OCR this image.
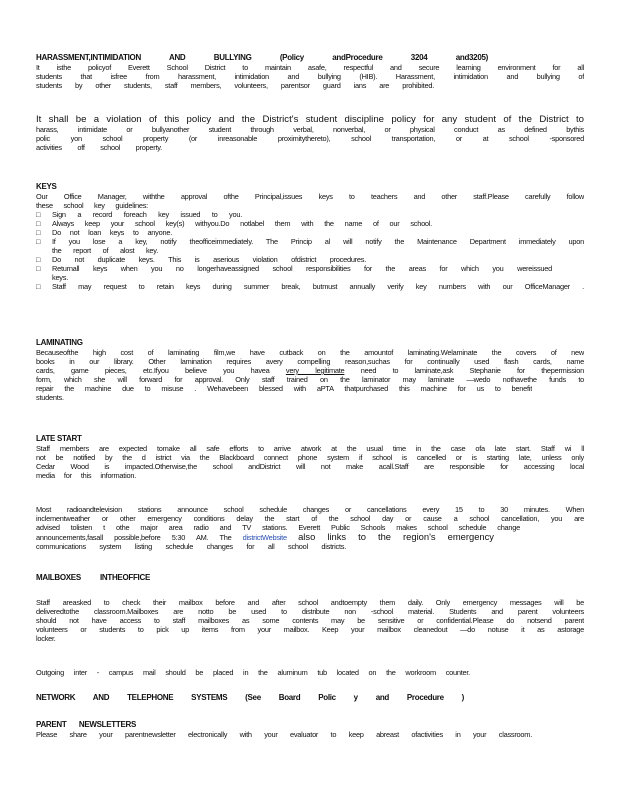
HARASSMENT,INTIMIDATION AND BULLYING (Policy andProcedure 3204 and3205)
It isthe policyof Everett School District to maintain asafe, respectful and secure learning environment for all
students that isfree from harassment, intimidation and bullying (HIB). Harassment, intimidation and bullying of
students by other students, staff members, volunteers, parentsor guard ians are prohibited.
It shall be a violation of this policy and the District's student discipline policy for any student of the District to
harass, intimidate or bullyanother student through verbal, nonverbal, or physical conduct as defined bythis
polic yon school property (or inreasonable proximitythereto), school transportation, or at school -sponsored
activities off school property.
KEYS
Our Office Manager, withthe approval ofthe Principal,issues keys to teachers and other staff.Please carefully follow
these school key guidelines:
□ Sign a record foreach key issued to you.
□ Always keep your school key(s) withyou.Do notlabel them with the name of our school.
□ Do not loan keys to anyone.
□ If you lose a key, notify theofficeimmediately. The Princip al will notify the Maintenance Department immediately upon
the report of alost key.
□ Do not duplicate keys. This is aserious violation ofdistrict procedures.
□ Returnall keys when you no longerhaveassigned school responsibilities for the areas for which you wereissued
keys.
□ Staff may request to retain keys during summer break, butmust annually verify key numbers with our OfficeManager .
LAMINATING
Becauseofthe high cost of laminating film,we have cutback on the amountof laminating.Welaminate the covers of new
books in our library. Other lamination requires avery compelling reason,suchas for continually used flash cards, name
cards, game pieces, etc.Ifyou believe you havea very legitimate need to laminate,ask Stephanie for thepermission
form, which she will forward for approval. Only staff trained on the laminator may laminate —wedo nothavethe funds to
repair the machine due to misuse . Wehavebeen blessed with aPTA thatpurchased this machine for us to benefit
students.
LATE START
Staff members are expected tomake all safe efforts to arrive atwork at the usual time in the case ofa late start. Staff wi ll
not be notified by the d istrict via the Blackboard connect phone system if school is cancelled or is starting late, unless only
Cedar Wood is impacted.Otherwise,the school andDistrict will not make acall.Staff are responsible for accessing local
media for this information.
Most radioandtelevision stations announce school schedule changes or cancellations every 15 to 30 minutes. When
inclementweather or other emergency conditions delay the start of the school day or cause a school cancellation, you are
advised tolisten t othe major area radio and TV stations. Everett Public Schools makes school schedule change
announcements,fasall possible,before 5:30 AM. The districtWebsite also links to the region's emergency
communications system listing schedule changes for all school districts.
MAILBOXES INTHEOFFICE
Staff areasked to check their mailbox before and after school andtoempty them daily. Only emergency messages will be
deliveredtothe classroom.Mailboxes are notto be used to distribute non -school material. Students and parent volunteers
should not have access to staff mailboxes as some contents may be sensitive or confidential.Please do notsend parent
volunteers or students to pick up items from your mailbox. Keep your mailbox cleanedout —do notuse it as astorage
locker.
Outgoing inter - campus mail should be placed in the aluminum tub located on the workroom counter.
NETWORK AND TELEPHONE SYSTEMS (See Board Polic y and Procedure )
PARENT NEWSLETTERS
Please share your parentnewsletter electronically with your evaluator to keep abreast ofactivities in your classroom.
